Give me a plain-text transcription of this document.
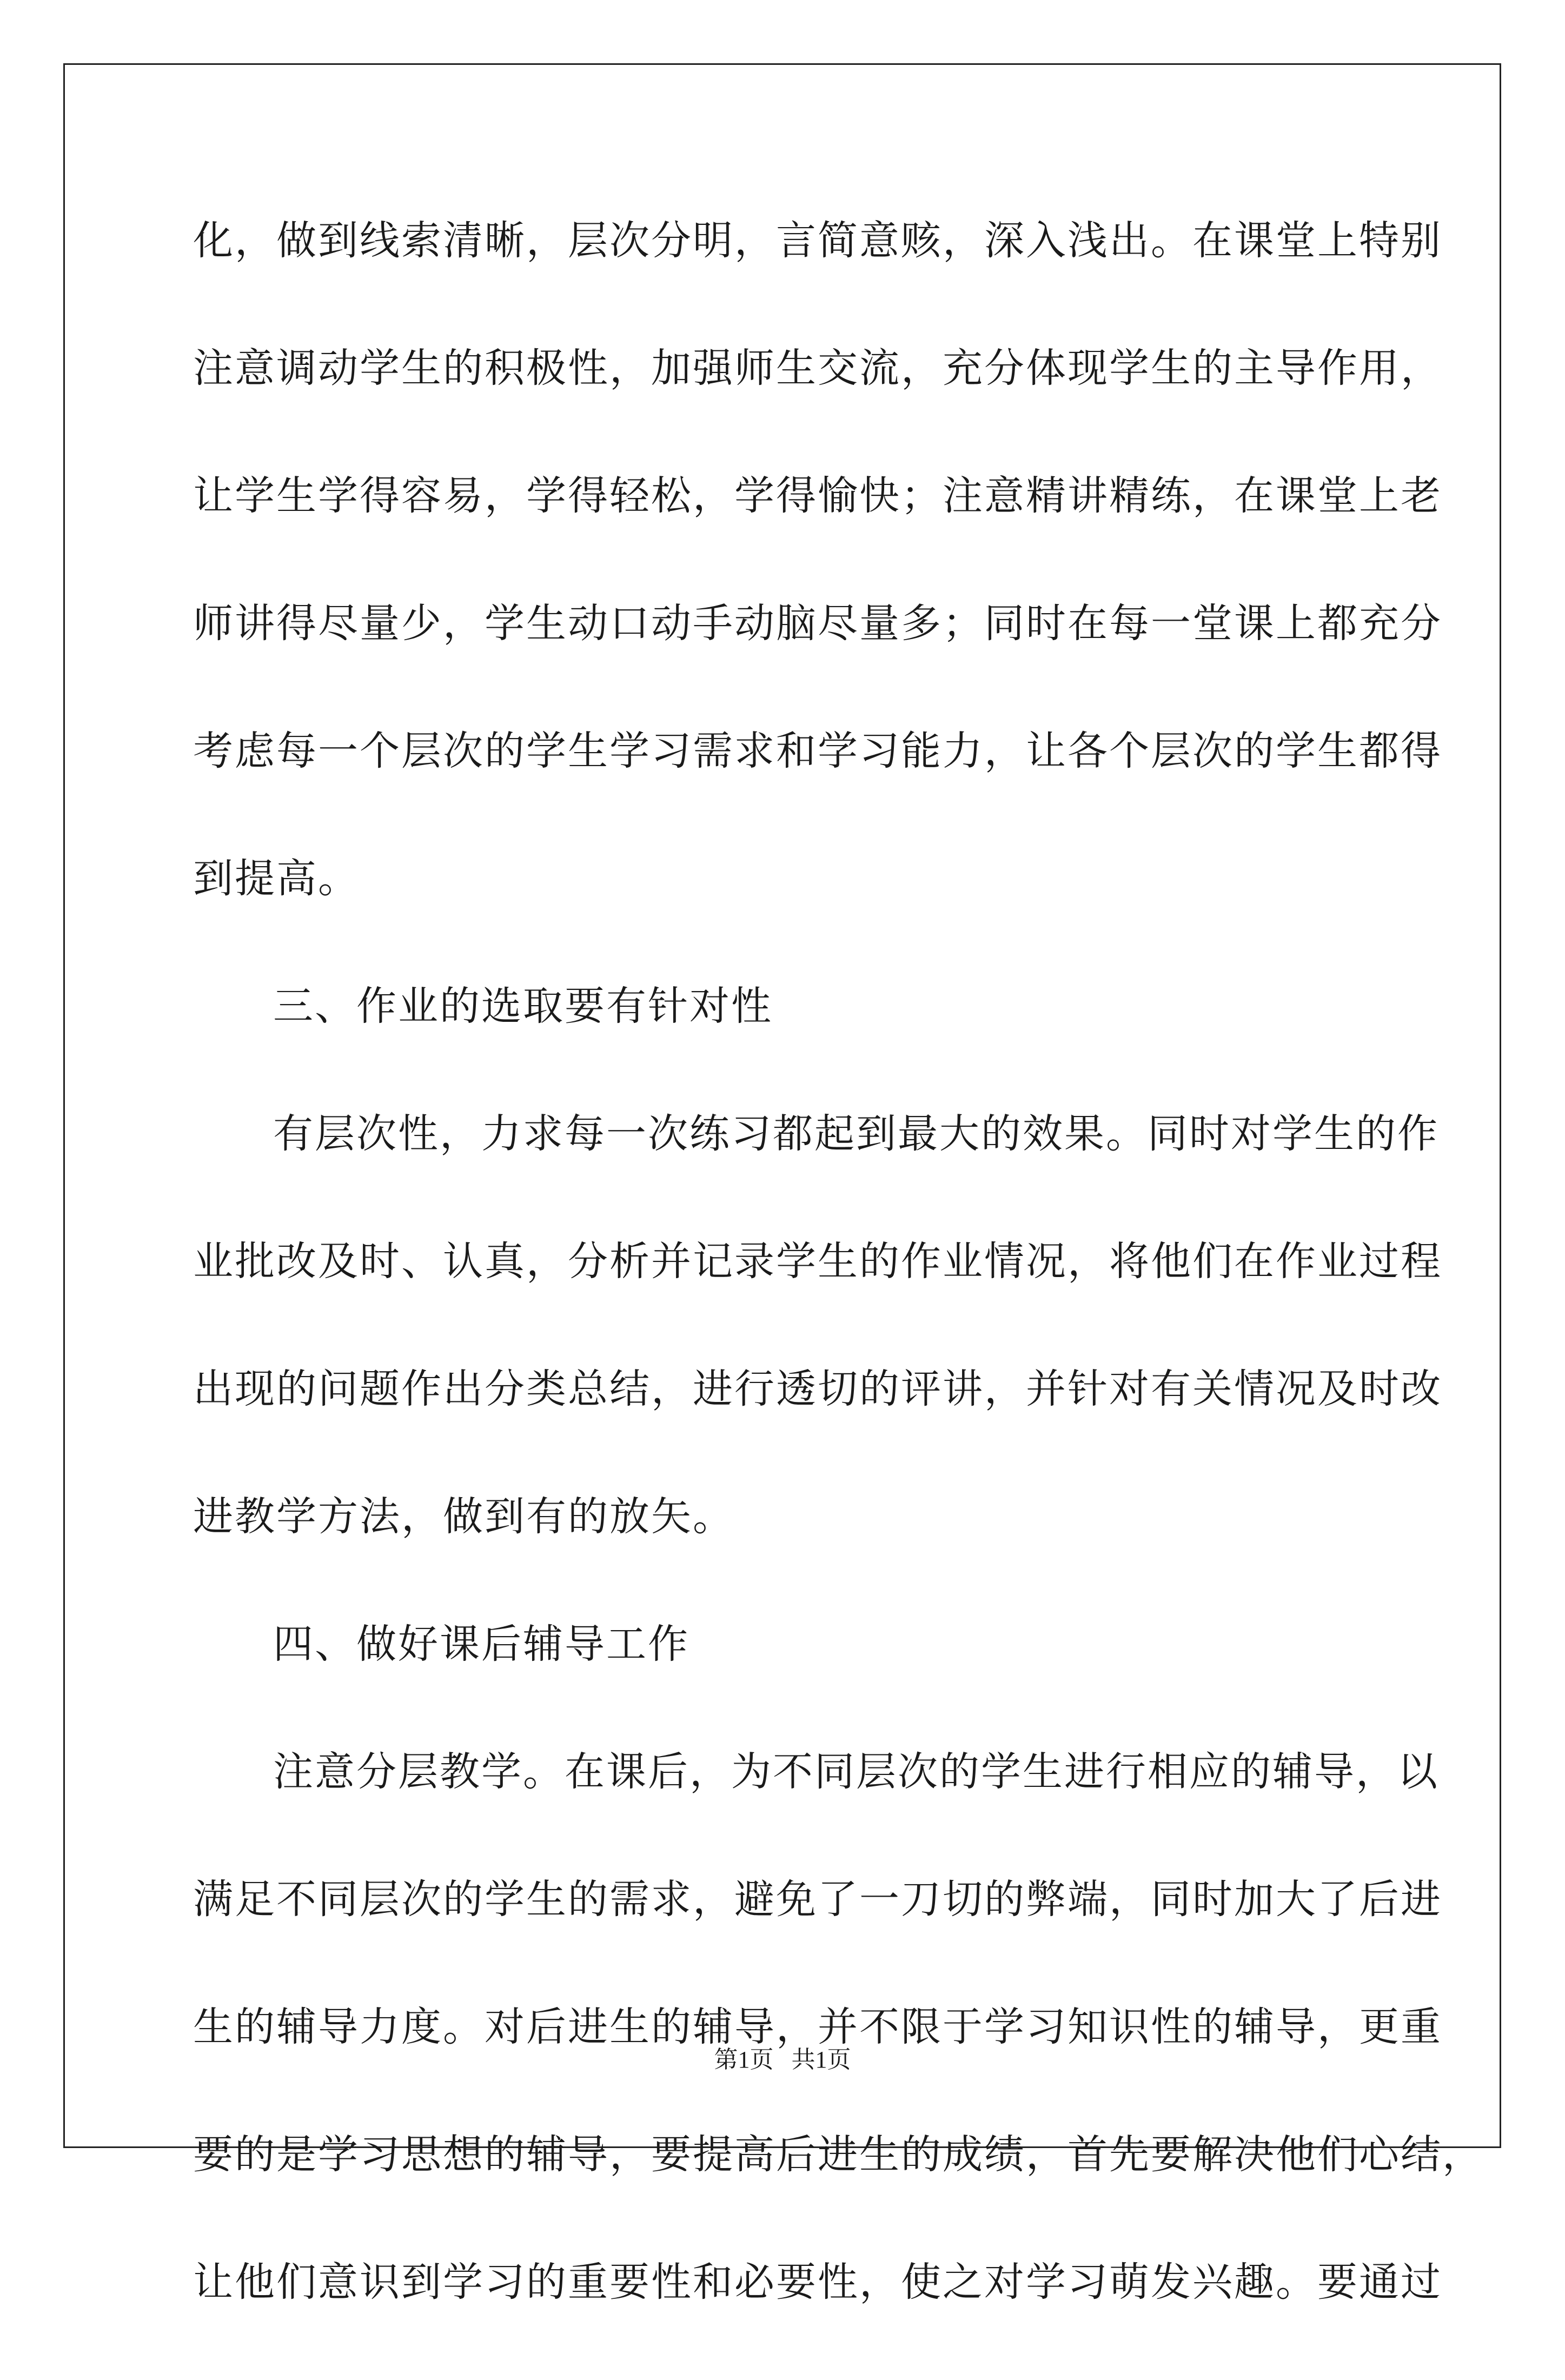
化，做到线索清晰，层次分明，言简意赅，深入浅出。在课堂上特别
注意调动学生的积极性，加强师生交流，充分体现学生的主导作用，
让学生学得容易，学得轻松，学得愉快；注意精讲精练，在课堂上老
师讲得尽量少，学生动口动手动脑尽量多；同时在每一堂课上都充分
考虑每一个层次的学生学习需求和学习能力，让各个层次的学生都得
到提高。
三、作业的选取要有针对性
有层次性，力求每一次练习都起到最大的效果。同时对学生的作
业批改及时、认真，分析并记录学生的作业情况，将他们在作业过程
出现的问题作出分类总结，进行透切的评讲，并针对有关情况及时改
进教学方法，做到有的放矢。
四、做好课后辅导工作
注意分层教学。在课后，为不同层次的学生进行相应的辅导，以
满足不同层次的学生的需求，避免了一刀切的弊端，同时加大了后进
生的辅导力度。对后进生的辅导，并不限于学习知识性的辅导，更重
要的是学习思想的辅导，要提高后进生的成绩，首先要解决他们心结，
让他们意识到学习的重要性和必要性，使之对学习萌发兴趣。要通过
第1页   共1页
